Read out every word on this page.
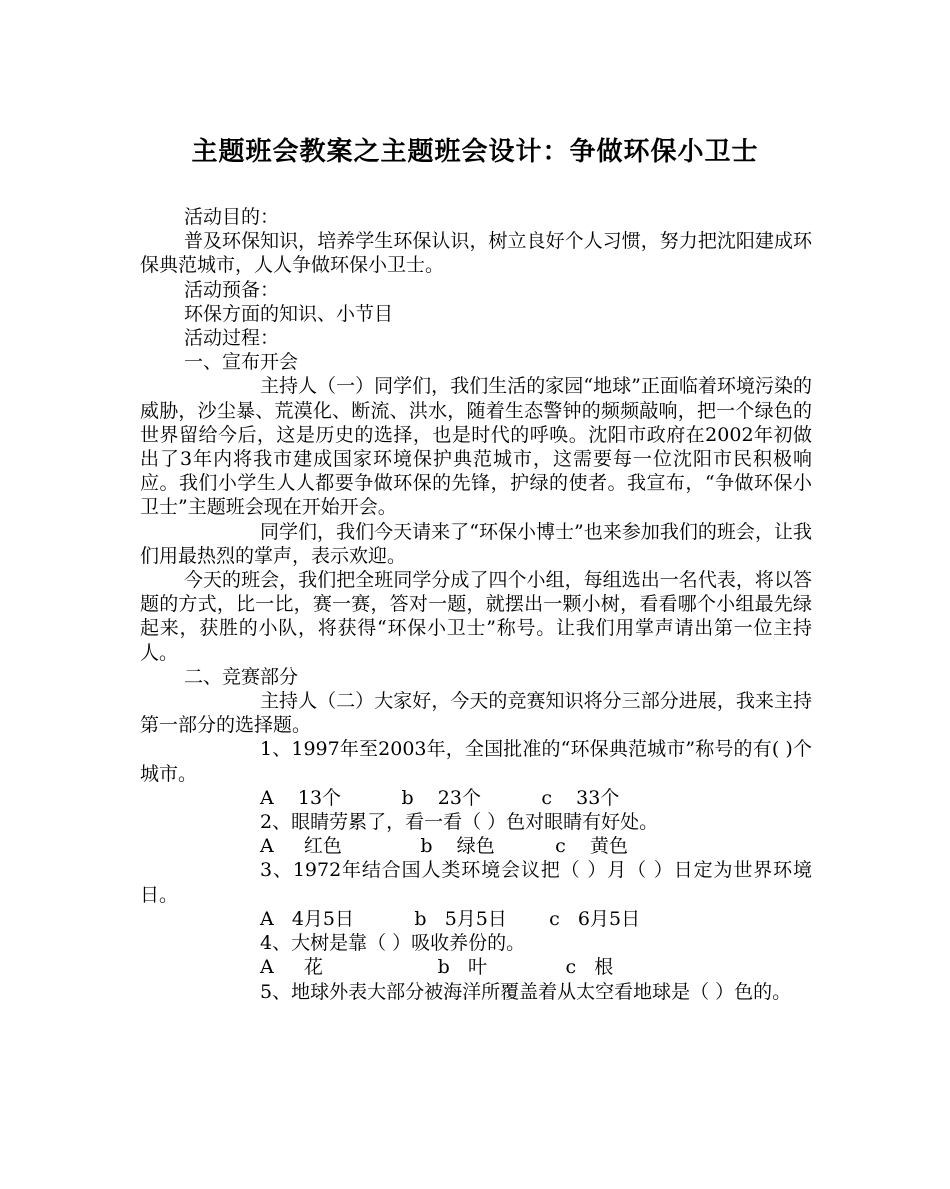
主题班会教案之主题班会设计：争做环保小卫士

活动目的：

普及环保知识，培养学生环保认识，树立良好个人习惯，努力把沈阳建成环保典范城市，人人争做环保小卫士。

活动预备：

环保方面的知识、小节目

活动过程：

一、宣布开会

主持人（一）同学们，我们生活的家园“地球”正面临着环境污染的威胁，沙尘暴、荒漠化、断流、洪水，随着生态警钟的频频敲响，把一个绿色的世界留给今后，这是历史的选择，也是时代的呼唤。沈阳市政府在2002年初做出了3年内将我市建成国家环境保护典范城市，这需要每一位沈阳市民积极响应。我们小学生人人都要争做环保的先锋，护绿的使者。我宣布，“争做环保小卫士”主题班会现在开始开会。

同学们，我们今天请来了“环保小博士”也来参加我们的班会，让我们用最热烈的掌声，表示欢迎。

今天的班会，我们把全班同学分成了四个小组，每组选出一名代表，将以答题的方式，比一比，赛一赛，答对一题，就摆出一颗小树，看看哪个小组最先绿起来，获胜的小队，将获得“环保小卫士”称号。让我们用掌声请出第一位主持人。

二、竞赛部分

主持人（二）大家好，今天的竞赛知识将分三部分进展，我来主持第一部分的选择题。

1、1997年至2003年，全国批准的“环保典范城市”称号的有( )个城市。

A    13个          b    23个          c    33个

2、眼睛劳累了，看一看（ ）色对眼睛有好处。

A     红色             b    绿色          c    黄色

3、1972年结合国人类环境会议把（ ）月（ ）日定为世界环境日。

A   4月5日          b   5月5日       c   6月5日

4、大树是靠（ ）吸收养份的。

A     花                   b   叶             c   根

5、地球外表大部分被海洋所覆盖着从太空看地球是（ ）色的。
